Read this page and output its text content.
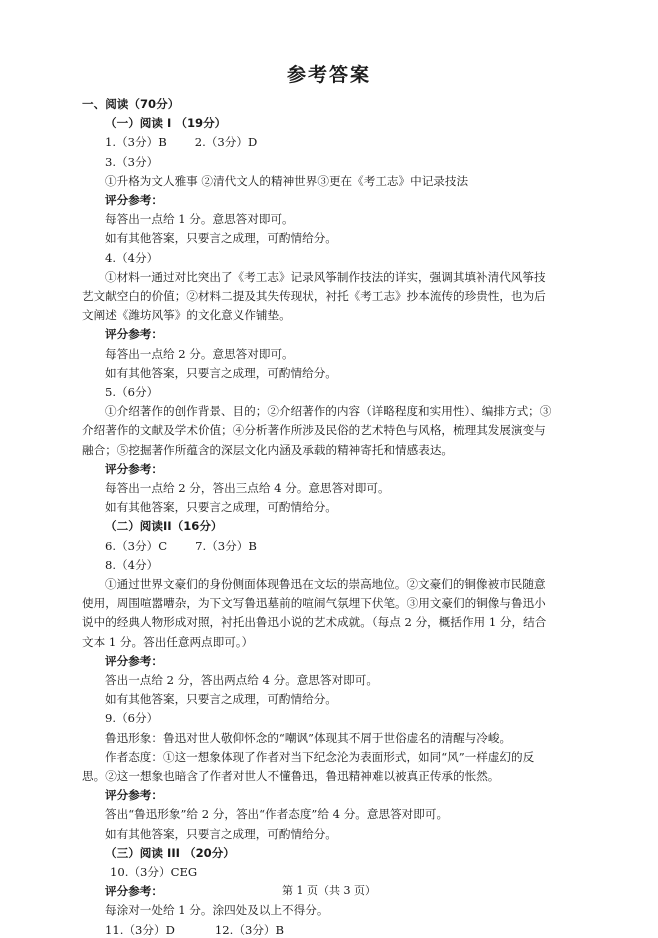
参考答案
一、阅读（70分）
（一）阅读 I （19分）
1.（3分）B 2.（3分）D
3.（3分）
①升格为文人雅事 ②清代文人的精神世界③更在《考工志》中记录技法
评分参考：
每答出一点给 1 分。意思答对即可。
如有其他答案，只要言之成理，可酌情给分。
4.（4分）
①材料一通过对比突出了《考工志》记录风筝制作技法的详实，强调其填补清代风筝技
艺文献空白的价值；②材料二提及其失传现状，衬托《考工志》抄本流传的珍贵性，也为后
文阐述《潍坊风筝》的文化意义作铺垫。
评分参考：
每答出一点给 2 分。意思答对即可。
如有其他答案，只要言之成理，可酌情给分。
5.（6分）
①介绍著作的创作背景、目的；②介绍著作的内容（详略程度和实用性）、编排方式；③
介绍著作的文献及学术价值；④分析著作所涉及民俗的艺术特色与风格，梳理其发展演变与
融合；⑤挖掘著作所蕴含的深层文化内涵及承载的精神寄托和情感表达。
评分参考：
每答出一点给 2 分，答出三点给 4 分。意思答对即可。
如有其他答案，只要言之成理，可酌情给分。
（二）阅读II（16分）
6.（3分）C 7.（3分）B
8.（4分）
①通过世界文豪们的身份侧面体现鲁迅在文坛的崇高地位。②文豪们的铜像被市民随意
使用，周围喧嚣嘈杂，为下文写鲁迅墓前的喧闹气氛埋下伏笔。③用文豪们的铜像与鲁迅小
说中的经典人物形成对照，衬托出鲁迅小说的艺术成就。（每点 2 分，概括作用 1 分，结合
文本 1 分。答出任意两点即可。）
评分参考：
答出一点给 2 分，答出两点给 4 分。意思答对即可。
如有其他答案，只要言之成理，可酌情给分。
9.（6分）
鲁迅形象：鲁迅对世人敬仰怀念的“嘲讽”体现其不屑于世俗虚名的清醒与冷峻。
作者态度：①这一想象体现了作者对当下纪念沦为表面形式，如同“风”一样虚幻的反
思。②这一想象也暗含了作者对世人不懂鲁迅，鲁迅精神难以被真正传承的怅然。
评分参考：
答出“鲁迅形象”给 2 分，答出“作者态度”给 4 分。意思答对即可。
如有其他答案，只要言之成理，可酌情给分。
第 1 页（共 3 页）
（三）阅读 III （20分）
10.（3分）CEG
评分参考：
每涂对一处给 1 分。涂四处及以上不得分。
11.（3分）D	12.（3分）B
